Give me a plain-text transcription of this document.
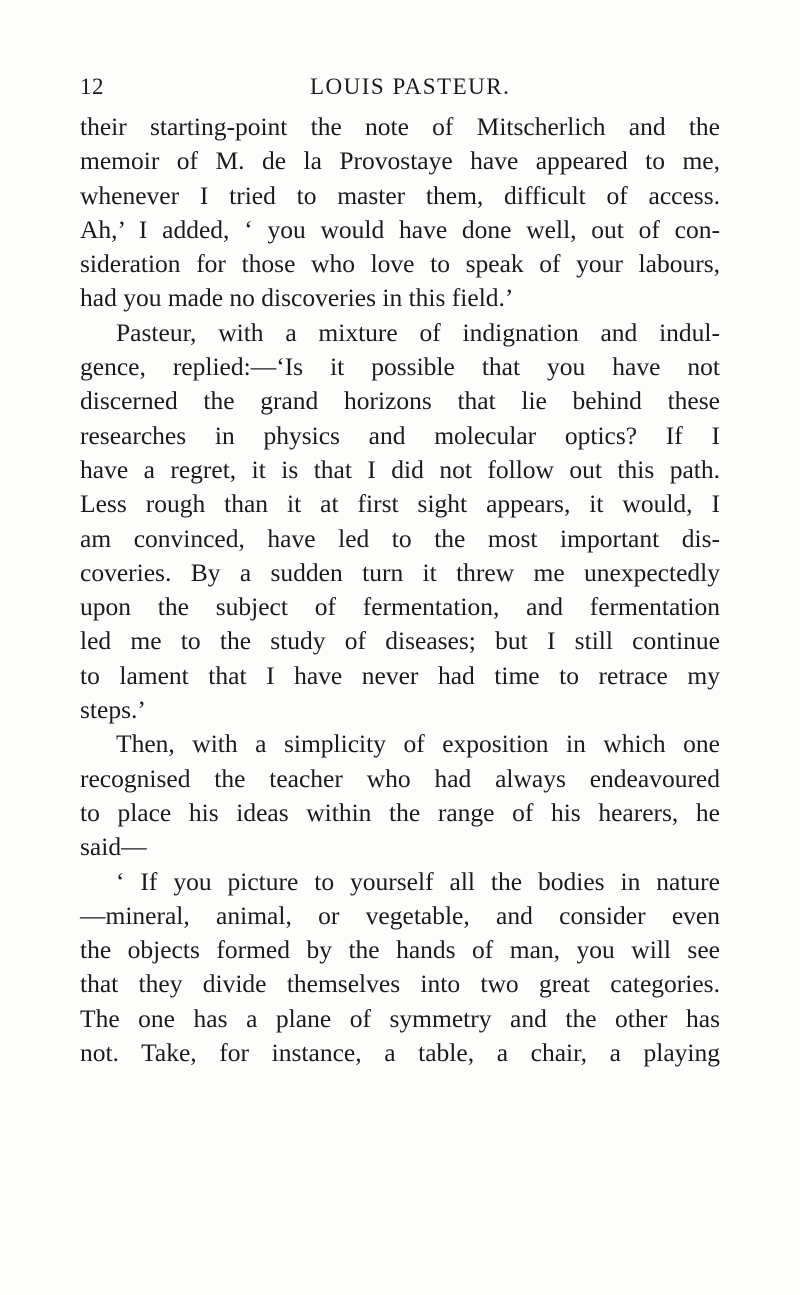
12	LOUIS PASTEUR.
their starting-point the note of Mitscherlich and the
memoir of M. de la Provostaye have appeared to me,
whenever I tried to master them, difficult of access.
Ah,’ I added, ‘ you would have done well, out of con-
sideration for those who love to speak of your labours,
had you made no discoveries in this field.’
Pasteur, with a mixture of indignation and indul-
gence, replied:—‘Is it possible that you have not
discerned the grand horizons that lie behind these
researches in physics and molecular optics? If I
have a regret, it is that I did not follow out this path.
Less rough than it at first sight appears, it would, I
am convinced, have led to the most important dis-
coveries. By a sudden turn it threw me unexpectedly
upon the subject of fermentation, and fermentation
led me to the study of diseases; but I still continue
to lament that I have never had time to retrace my
steps.’
Then, with a simplicity of exposition in which one
recognised the teacher who had always endeavoured
to place his ideas within the range of his hearers, he
said—
‘ If you picture to yourself all the bodies in nature
—mineral, animal, or vegetable, and consider even
the objects formed by the hands of man, you will see
that they divide themselves into two great categories.
The one has a plane of symmetry and the other has
not. Take, for instance, a table, a chair, a playing
